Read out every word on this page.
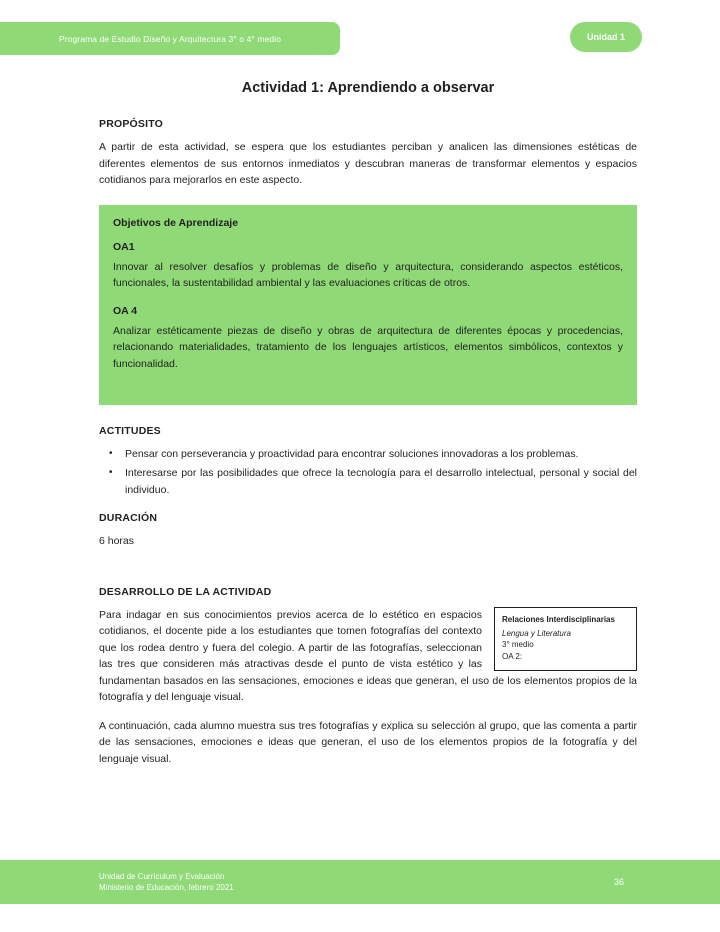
Programa de Estudio Diseño y Arquitectura 3° o 4° medio	Unidad 1
Actividad 1: Aprendiendo a observar
PROPÓSITO

A partir de esta actividad, se espera que los estudiantes perciban y analicen las dimensiones estéticas de diferentes elementos de sus entornos inmediatos y descubran maneras de transformar elementos y espacios cotidianos para mejorarlos en este aspecto.

Objetivos de Aprendizaje
OA1
Innovar al resolver desafíos y problemas de diseño y arquitectura, considerando aspectos estéticos, funcionales, la sustentabilidad ambiental y las evaluaciones críticas de otros.
OA 4
Analizar estéticamente piezas de diseño y obras de arquitectura de diferentes épocas y procedencias, relacionando materialidades, tratamiento de los lenguajes artísticos, elementos simbólicos, contextos y funcionalidad.
ACTITUDES
• Pensar con perseverancia y proactividad para encontrar soluciones innovadoras a los problemas.
• Interesarse por las posibilidades que ofrece la tecnología para el desarrollo intelectual, personal y social del individuo.
DURACIÓN

6 horas

DESARROLLO DE LA ACTIVIDAD
Relaciones Interdisciplinarias
Lengua y Literatura
3° medio
OA 2:

Para indagar en sus conocimientos previos acerca de lo estético en espacios cotidianos, el docente pide a los estudiantes que tomen fotografías del contexto que los rodea dentro y fuera del colegio. A partir de las fotografías, seleccionan las tres que consideren más atractivas desde el punto de vista estético y las fundamentan basados en las sensaciones, emociones e ideas que generan, el uso de los elementos propios de la fotografía y del lenguaje visual.

A continuación, cada alumno muestra sus tres fotografías y explica su selección al grupo, que las comenta a partir de las sensaciones, emociones e ideas que generan, el uso de los elementos propios de la fotografía y del lenguaje visual.

Unidad de Currículum y Evaluación
Ministerio de Educación, febrero 2021
36
